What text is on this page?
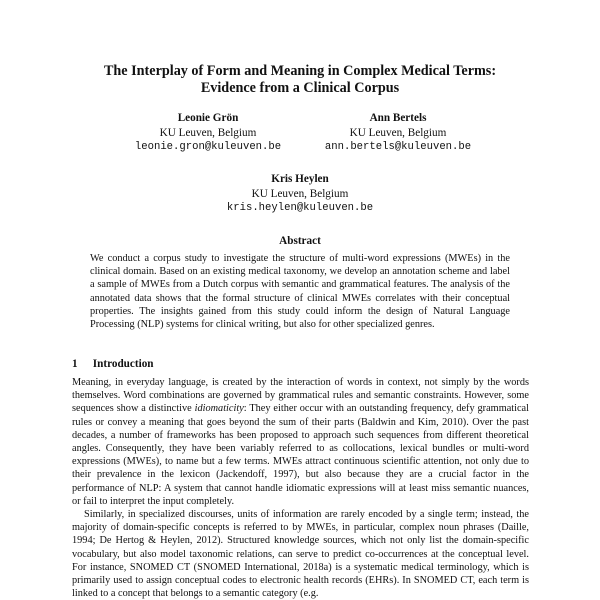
The Interplay of Form and Meaning in Complex Medical Terms:
Evidence from a Clinical Corpus
Leonie Grön
KU Leuven, Belgium
leonie.gron@kuleuven.be
Ann Bertels
KU Leuven, Belgium
ann.bertels@kuleuven.be
Kris Heylen
KU Leuven, Belgium
kris.heylen@kuleuven.be
Abstract
We conduct a corpus study to investigate the structure of multi-word expressions (MWEs) in the clinical domain. Based on an existing medical taxonomy, we develop an annotation scheme and label a sample of MWEs from a Dutch corpus with semantic and grammatical features. The analysis of the annotated data shows that the formal structure of clinical MWEs correlates with their conceptual properties. The insights gained from this study could inform the design of Natural Language Processing (NLP) systems for clinical writing, but also for other specialized genres.
1 Introduction

Meaning, in everyday language, is created by the interaction of words in context, not simply by the words themselves. Word combinations are governed by grammatical rules and semantic constraints. However, some sequences show a distinctive idiomaticity: They either occur with an outstanding frequency, defy grammatical rules or convey a meaning that goes beyond the sum of their parts (Baldwin and Kim, 2010). Over the past decades, a number of frameworks has been proposed to approach such sequences from different theoretical angles. Consequently, they have been variably referred to as collocations, lexical bundles or multi-word expressions (MWEs), to name but a few terms. MWEs attract continuous scientific attention, not only due to their prevalence in the lexicon (Jackendoff, 1997), but also because they are a crucial factor in the performance of NLP: A system that cannot handle idiomatic expressions will at least miss semantic nuances, or fail to interpret the input completely.

Similarly, in specialized discourses, units of information are rarely encoded by a single term; instead, the majority of domain-specific concepts is referred to by MWEs, in particular, complex noun phrases (Daille, 1994; De Hertog & Heylen, 2012). Structured knowledge sources, which not only list the domain-specific vocabulary, but also model taxonomic relations, can serve to predict co-occurrences at the conceptual level. For instance, SNOMED CT (SNOMED International, 2018a) is a systematic medical terminology, which is primarily used to assign conceptual codes to electronic health records (EHRs). In SNOMED CT, each term is linked to a concept that belongs to a semantic category (e.g.
